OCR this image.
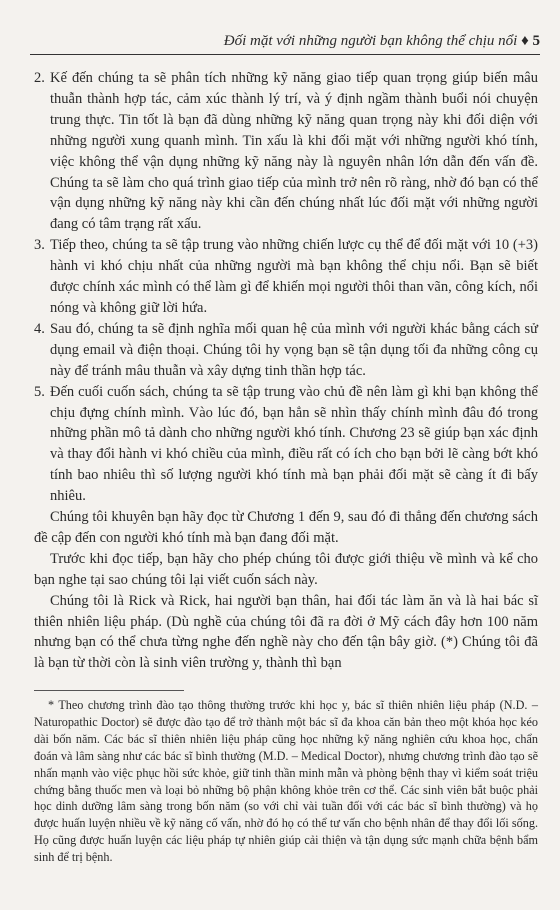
Đối mặt với những người bạn không thể chịu nổi ♦ 5
2. Kế đến chúng ta sẽ phân tích những kỹ năng giao tiếp quan trọng giúp biến mâu thuẫn thành hợp tác, cảm xúc thành lý trí, và ý định ngầm thành buổi nói chuyện trung thực. Tin tốt là bạn đã dùng những kỹ năng quan trọng này khi đối diện với những người xung quanh mình. Tin xấu là khi đối mặt với những người khó tính, việc không thể vận dụng những kỹ năng này là nguyên nhân lớn dẫn đến vấn đề. Chúng ta sẽ làm cho quá trình giao tiếp của mình trở nên rõ ràng, nhờ đó bạn có thể vận dụng những kỹ năng này khi cần đến chúng nhất lúc đối mặt với những người đang có tâm trạng rất xấu.
3. Tiếp theo, chúng ta sẽ tập trung vào những chiến lược cụ thể để đối mặt với 10 (+3) hành vi khó chịu nhất của những người mà bạn không thể chịu nổi. Bạn sẽ biết được chính xác mình có thể làm gì để khiến mọi người thôi than vãn, công kích, nổi nóng và không giữ lời hứa.
4. Sau đó, chúng ta sẽ định nghĩa mối quan hệ của mình với người khác bằng cách sử dụng email và điện thoại. Chúng tôi hy vọng bạn sẽ tận dụng tối đa những công cụ này để tránh mâu thuẫn và xây dựng tinh thần hợp tác.
5. Đến cuối cuốn sách, chúng ta sẽ tập trung vào chủ đề nên làm gì khi bạn không thể chịu đựng chính mình. Vào lúc đó, bạn hẳn sẽ nhìn thấy chính mình đâu đó trong những phần mô tả dành cho những người khó tính. Chương 23 sẽ giúp bạn xác định và thay đổi hành vi khó chiều của mình, điều rất có ích cho bạn bởi lẽ càng bớt khó tính bao nhiêu thì số lượng người khó tính mà bạn phải đối mặt sẽ càng ít đi bấy nhiêu.

Chúng tôi khuyên bạn hãy đọc từ Chương 1 đến 9, sau đó đi thẳng đến chương sách đề cập đến con người khó tính mà bạn đang đối mặt.

Trước khi đọc tiếp, bạn hãy cho phép chúng tôi được giới thiệu về mình và kể cho bạn nghe tại sao chúng tôi lại viết cuốn sách này.

Chúng tôi là Rick và Rick, hai người bạn thân, hai đối tác làm ăn và là hai bác sĩ thiên nhiên liệu pháp. (Dù nghề của chúng tôi đã ra đời ở Mỹ cách đây hơn 100 năm nhưng bạn có thể chưa từng nghe đến nghề này cho đến tận bây giờ. (*) Chúng tôi đã là bạn từ thời còn là sinh viên trường y, thành thì bạn

* Theo chương trình đào tạo thông thường trước khi học y, bác sĩ thiên nhiên liệu pháp (N.D. – Naturopathic Doctor) sẽ được đào tạo để trở thành một bác sĩ đa khoa căn bản theo một khóa học kéo dài bốn năm. Các bác sĩ thiên nhiên liệu pháp cũng học những kỹ năng nghiên cứu khoa học, chẩn đoán và lâm sàng như các bác sĩ bình thường (M.D. – Medical Doctor), nhưng chương trình đào tạo sẽ nhấn mạnh vào việc phục hồi sức khỏe, giữ tinh thần minh mẫn và phòng bệnh thay vì kiểm soát triệu chứng bằng thuốc men và loại bỏ những bộ phận không khỏe trên cơ thể. Các sinh viên bắt buộc phải học dinh dưỡng lâm sàng trong bốn năm (so với chỉ vài tuần đối với các bác sĩ bình thường) và họ được huấn luyện nhiều về kỹ năng cố vấn, nhờ đó họ có thể tư vấn cho bệnh nhân để thay đổi lối sống. Họ cũng được huấn luyện các liệu pháp tự nhiên giúp cải thiện và tận dụng sức mạnh chữa bệnh bẩm sinh để trị bệnh.
